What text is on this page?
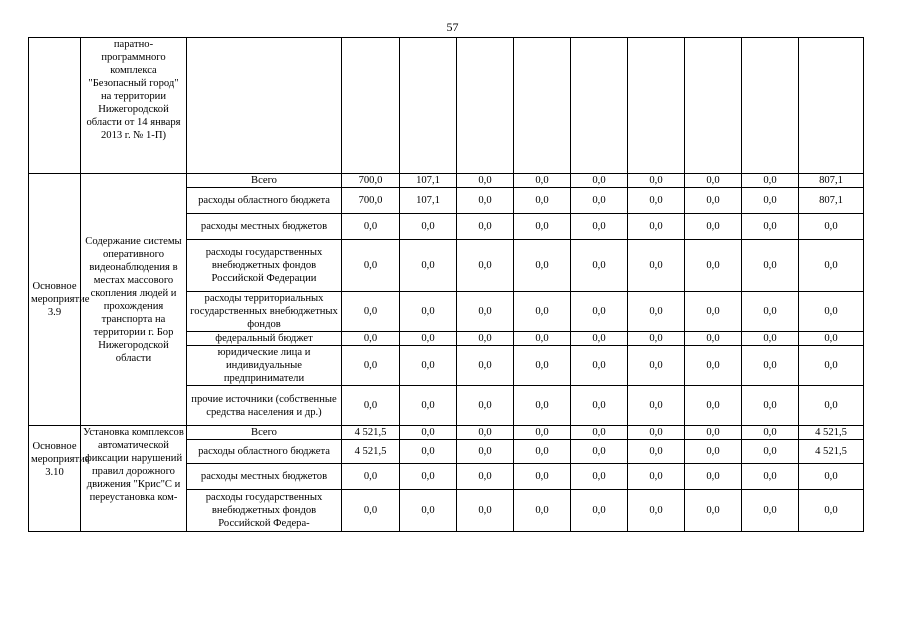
57
	паратно-программного комплекса "Безопасный город" на территории Нижегородской области от 14 января 2013 г. № 1-П)										
Основное мероприятие 3.9	Содержание системы оперативного видеонаблюдения в местах массового скопления людей и прохождения транспорта на территории г. Бор Нижегородской области	Всего	700,0	107,1	0,0	0,0	0,0	0,0	0,0	0,0	807,1
		расходы областного бюджета	700,0	107,1	0,0	0,0	0,0	0,0	0,0	0,0	807,1
		расходы местных бюджетов	0,0	0,0	0,0	0,0	0,0	0,0	0,0	0,0	0,0
		расходы государственных внебюджетных фондов Российской Федерации	0,0	0,0	0,0	0,0	0,0	0,0	0,0	0,0	0,0
		расходы территориальных государственных внебюджетных фондов	0,0	0,0	0,0	0,0	0,0	0,0	0,0	0,0	0,0
		федеральный бюджет	0,0	0,0	0,0	0,0	0,0	0,0	0,0	0,0	0,0
		юридические лица и индивидуальные предприниматели	0,0	0,0	0,0	0,0	0,0	0,0	0,0	0,0	0,0
		прочие источники (собственные средства населения и др.)	0,0	0,0	0,0	0,0	0,0	0,0	0,0	0,0	0,0
Основное мероприятие 3.10	Установка комплексов автоматической фиксации нарушений правил дорожного движения "Крис"С и переустановка ком-	Всего	4 521,5	0,0	0,0	0,0	0,0	0,0	0,0	0,0	4 521,5
		расходы областного бюджета	4 521,5	0,0	0,0	0,0	0,0	0,0	0,0	0,0	4 521,5
		расходы местных бюджетов	0,0	0,0	0,0	0,0	0,0	0,0	0,0	0,0	0,0
		расходы государственных внебюджетных фондов Российской Федера-	0,0	0,0	0,0	0,0	0,0	0,0	0,0	0,0	0,0
